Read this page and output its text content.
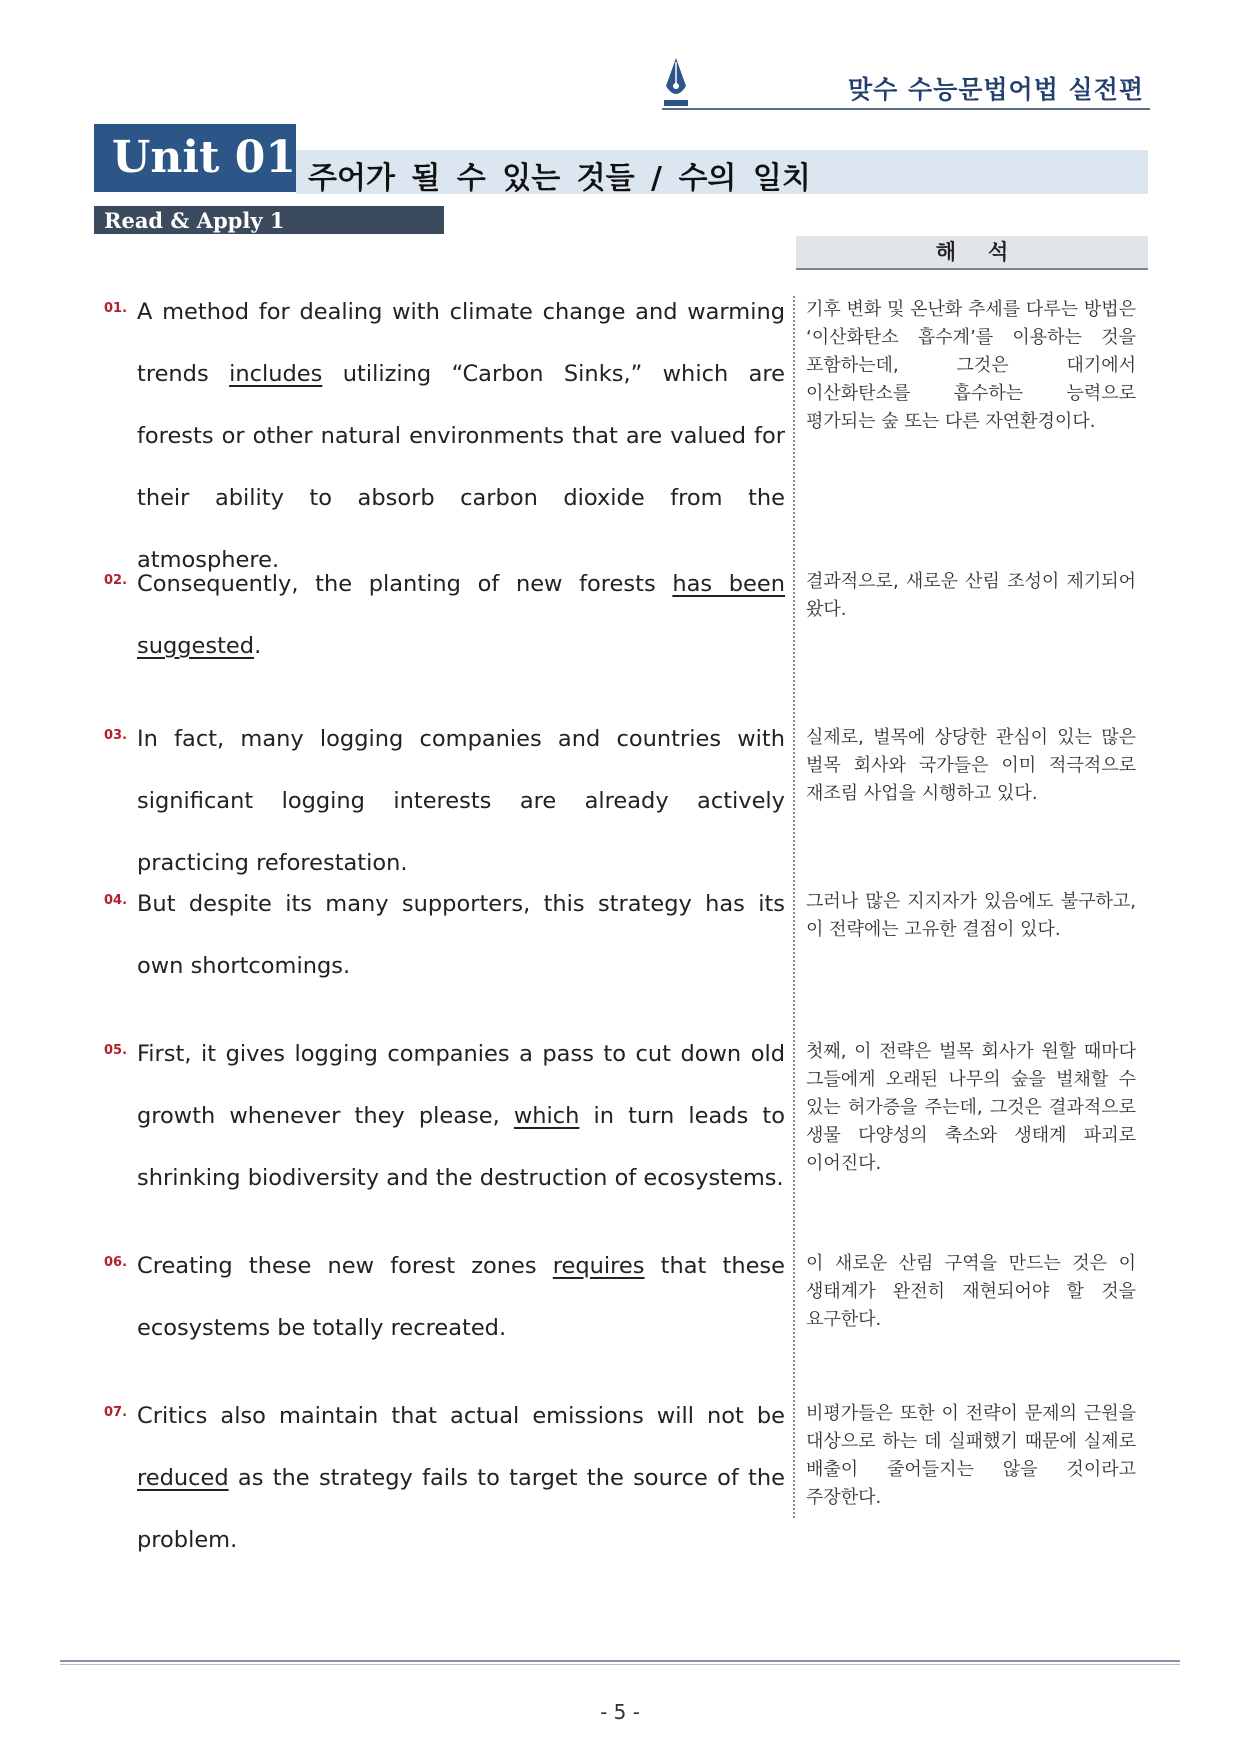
맞수 수능문법어법 실전편
Unit 01 주어가 될 수 있는 것들 / 수의 일치
Read & Apply 1
해석
01. A method for dealing with climate change and warming trends includes utilizing “Carbon Sinks,” which are forests or other natural environments that are valued for their ability to absorb carbon dioxide from the atmosphere.
기후 변화 및 온난화 추세를 다루는 방법은 ‘이산화탄소 흡수계’를 이용하는 것을 포함하는데, 그것은 대기에서 이산화탄소를 흡수하는 능력으로 평가되는 숲 또는 다른 자연환경이다.
02. Consequently, the planting of new forests has been suggested.
결과적으로, 새로운 산림 조성이 제기되어 왔다.
03. In fact, many logging companies and countries with significant logging interests are already actively practicing reforestation.
실제로, 벌목에 상당한 관심이 있는 많은 벌목 회사와 국가들은 이미 적극적으로 재조림 사업을 시행하고 있다.
04. But despite its many supporters, this strategy has its own shortcomings.
그러나 많은 지지자가 있음에도 불구하고, 이 전략에는 고유한 결점이 있다.
05. First, it gives logging companies a pass to cut down old growth whenever they please, which in turn leads to shrinking biodiversity and the destruction of ecosystems.
첫째, 이 전략은 벌목 회사가 원할 때마다 그들에게 오래된 나무의 숲을 벌채할 수 있는 허가증을 주는데, 그것은 결과적으로 생물 다양성의 축소와 생태계 파괴로 이어진다.
06. Creating these new forest zones requires that these ecosystems be totally recreated.
이 새로운 산림 구역을 만드는 것은 이 생태계가 완전히 재현되어야 할 것을 요구한다.
07. Critics also maintain that actual emissions will not be reduced as the strategy fails to target the source of the problem.
비평가들은 또한 이 전략이 문제의 근원을 대상으로 하는 데 실패했기 때문에 실제로 배출이 줄어들지는 않을 것이라고 주장한다.
- 5 -
